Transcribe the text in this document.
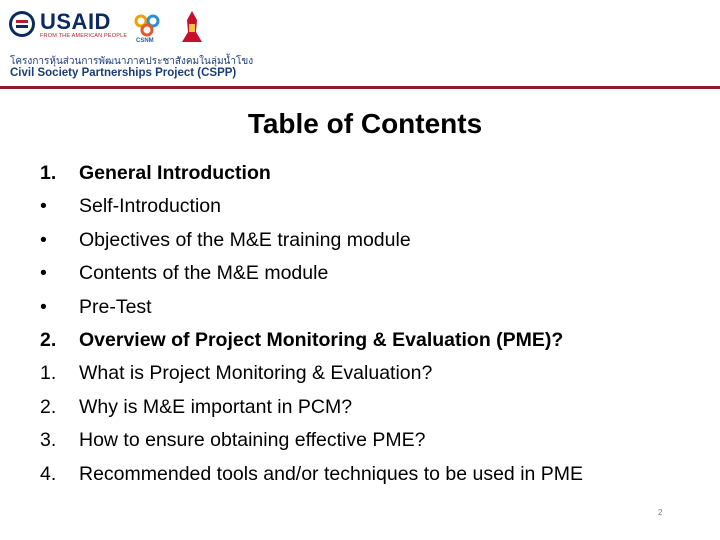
USAID
FROM THE AMERICAN PEOPLE
CSNM
โครงการหุ้นส่วนการพัฒนาภาคประชาสังคมในลุ่มน้ำโขง
Civil Society Partnerships Project (CSPP)
Table of Contents
1.	General Introduction
•	Self-Introduction
•	Objectives of the M&E training module
•	Contents of the M&E module
•	Pre-Test
2.	Overview of Project Monitoring & Evaluation (PME)?
1.	What is Project Monitoring & Evaluation?
2.	Why is M&E important in PCM?
3.	How to ensure obtaining effective PME?
4.	Recommended tools and/or techniques to be used in PME
2
